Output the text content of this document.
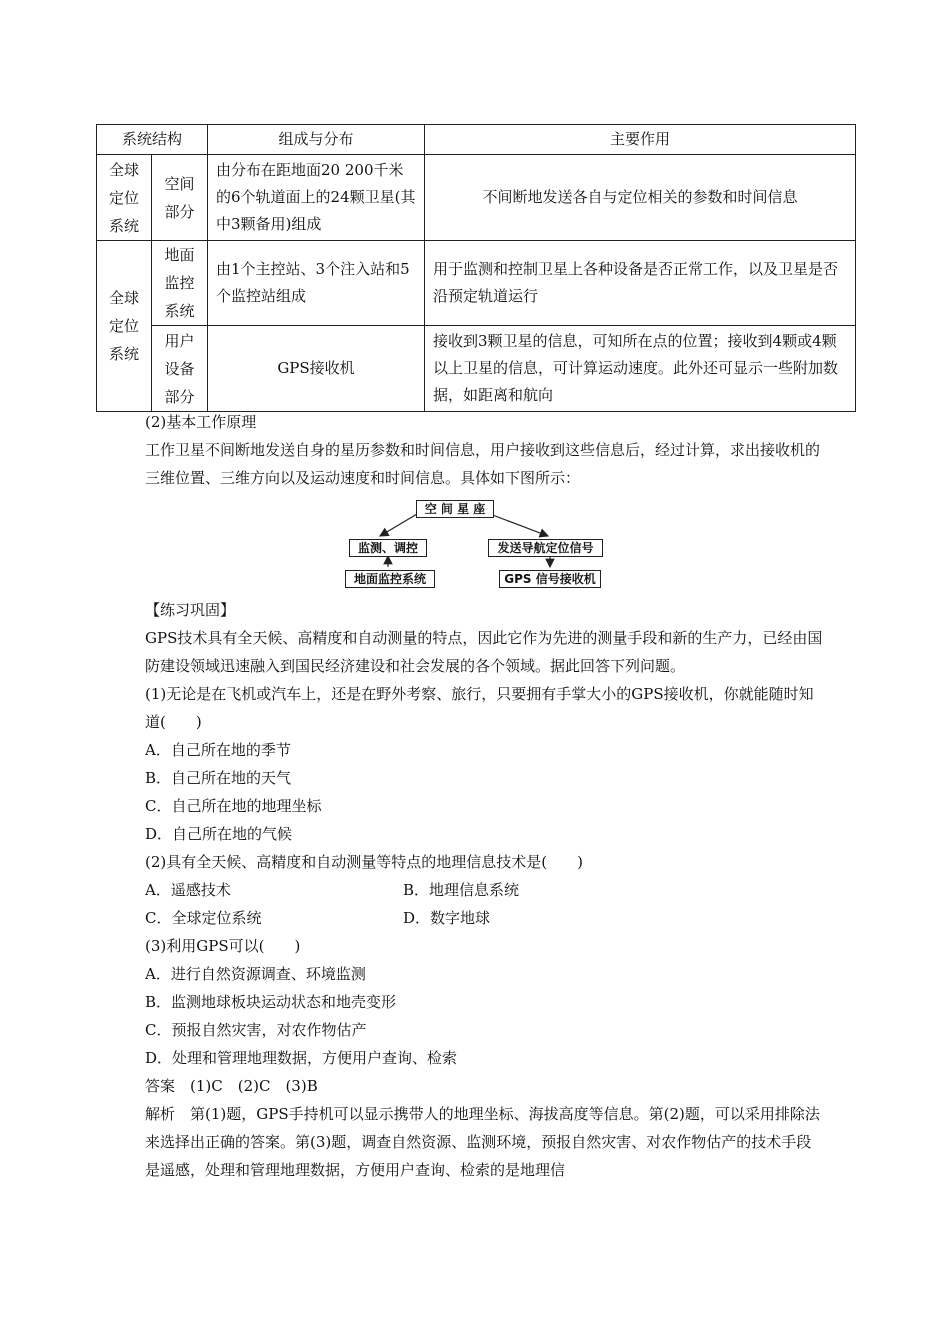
系统结构		组成与分布	主要作用
全球定位系统	空间部分	由分布在距地面20 200千米的6个轨道面上的24颗卫星(其中3颗备用)组成	不间断地发送各自与定位相关的参数和时间信息
全球定位系统	地面监控系统	由1个主控站、3个注入站和5个监控站组成	用于监测和控制卫星上各种设备是否正常工作，以及卫星是否沿预定轨道运行
	用户设备部分	GPS接收机	接收到3颗卫星的信息，可知所在点的位置；接收到4颗或4颗以上卫星的信息，可计算运动速度。此外还可显示一些附加数据，如距离和航向
(2)基本工作原理
工作卫星不间断地发送自身的星历参数和时间信息，用户接收到这些信息后，经过计算，求出接收机的三维位置、三维方向以及运动速度和时间信息。具体如下图所示：
空 间 星 座
监测、调控	发送导航定位信号
地面监控系统	GPS 信号接收机
【练习巩固】
GPS技术具有全天候、高精度和自动测量的特点，因此它作为先进的测量手段和新的生产力，已经由国防建设领域迅速融入到国民经济建设和社会发展的各个领域。据此回答下列问题。
(1)无论是在飞机或汽车上，还是在野外考察、旅行，只要拥有手掌大小的GPS接收机，你就能随时知道(　　)
A．自己所在地的季节
B．自己所在地的天气
C．自己所在地的地理坐标
D．自己所在地的气候
(2)具有全天候、高精度和自动测量等特点的地理信息技术是(　　)
A．遥感技术	B．地理信息系统
C．全球定位系统	D．数字地球
(3)利用GPS可以(　　)
A．进行自然资源调查、环境监测
B．监测地球板块运动状态和地壳变形
C．预报自然灾害，对农作物估产
D．处理和管理地理数据，方便用户查询、检索
答案　(1)C　(2)C　(3)B
解析　第(1)题，GPS手持机可以显示携带人的地理坐标、海拔高度等信息。第(2)题，可以采用排除法来选择出正确的答案。第(3)题，调查自然资源、监测环境，预报自然灾害、对农作物估产的技术手段是遥感，处理和管理地理数据，方便用户查询、检索的是地理信
